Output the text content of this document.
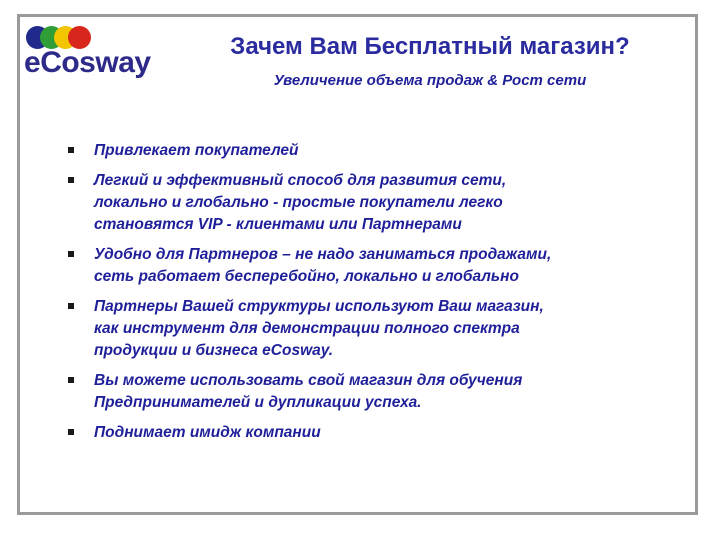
eCosway	Зачем Вам Бесплатный магазин?
Увеличение объема продаж & Рост сети
Привлекает покупателей
Легкий и эффективный способ для развития сети,
локально и глобально - простые покупатели легко
становятся VIP - клиентами или Партнерами
Удобно для Партнеров – не надо заниматься продажами,
сеть работает бесперебойно, локально и глобально
Партнеры Вашей структуры используют Ваш магазин,
как инструмент для демонстрации полного спектра
продукции и бизнеса eCosway.
Вы можете использовать свой магазин для обучения
Предпринимателей и дупликации успеха.
Поднимает имидж компании
